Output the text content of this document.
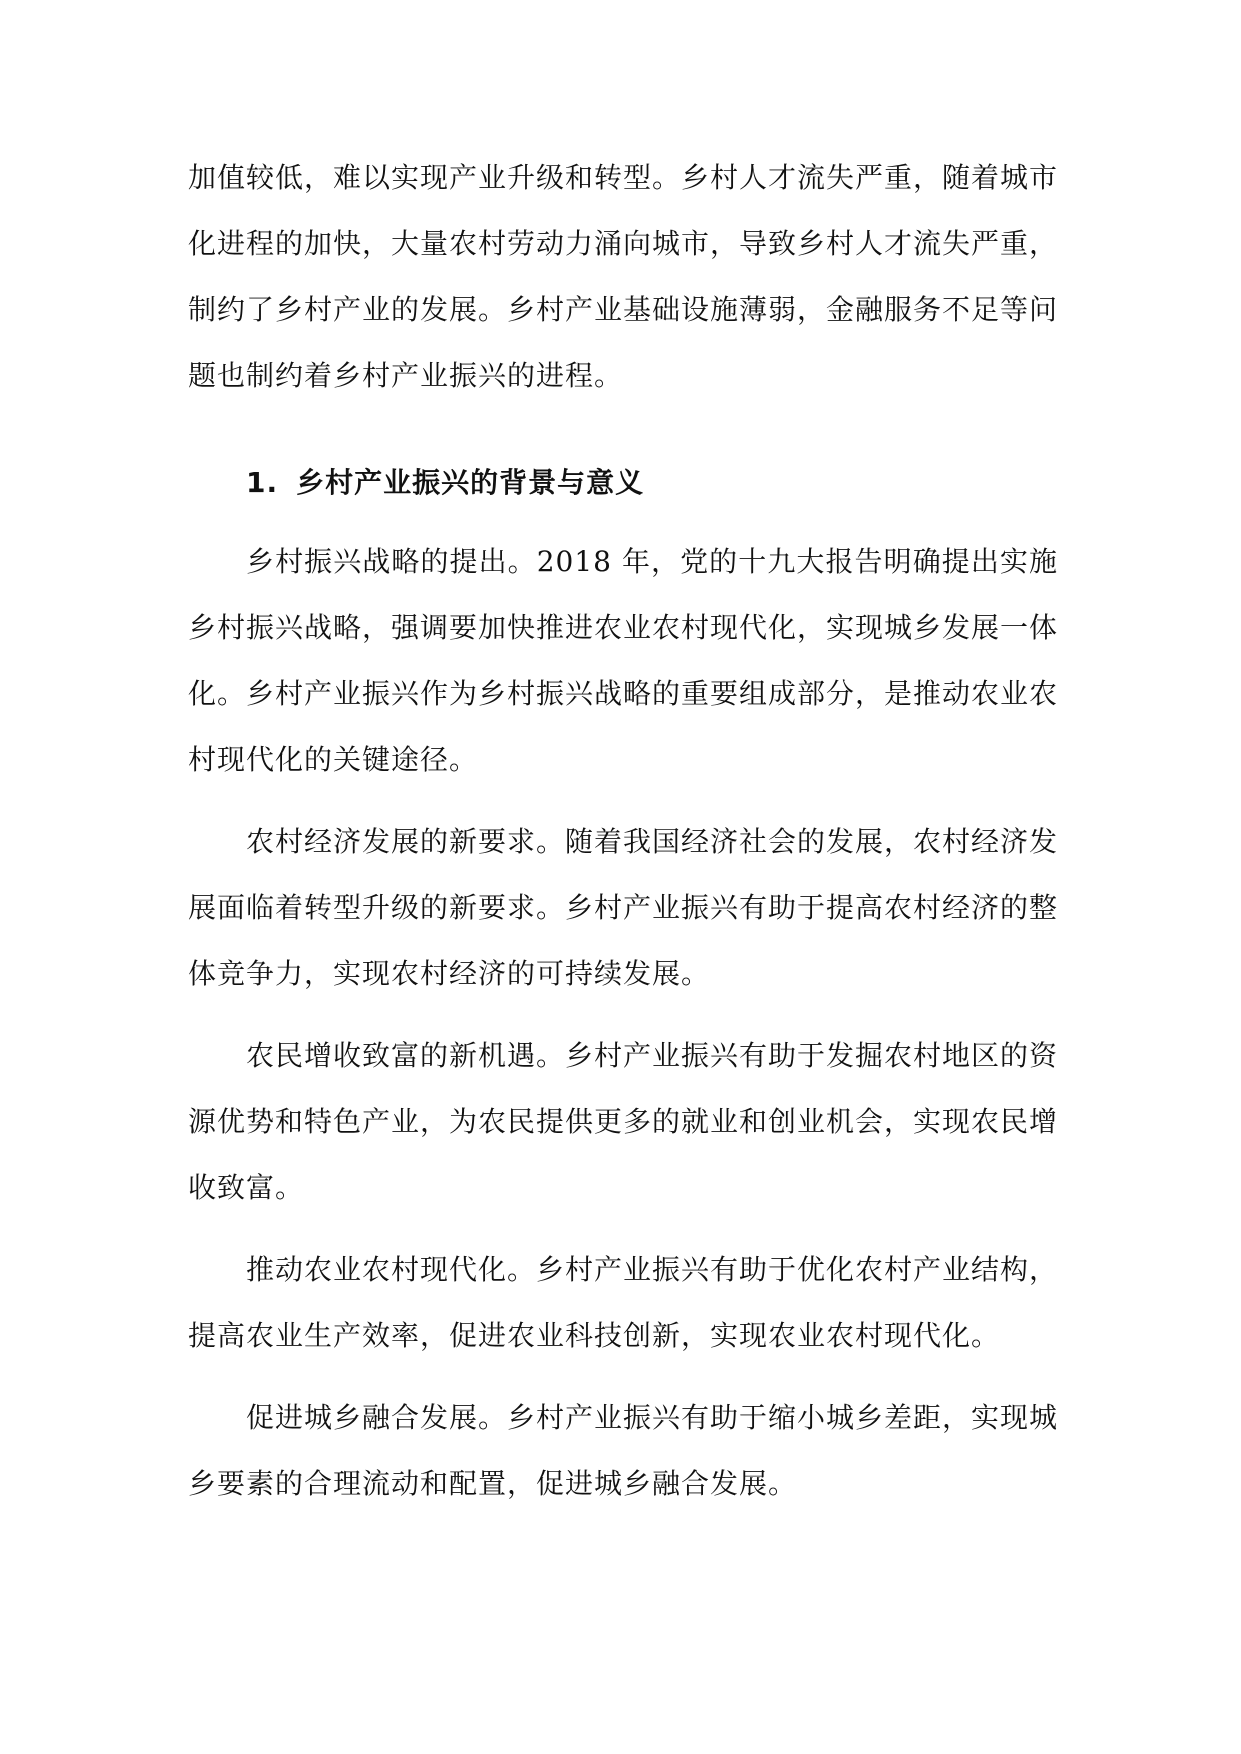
加值较低，难以实现产业升级和转型。乡村人才流失严重，随着城市化进程的加快，大量农村劳动力涌向城市，导致乡村人才流失严重，制约了乡村产业的发展。乡村产业基础设施薄弱，金融服务不足等问题也制约着乡村产业振兴的进程。

1. 乡村产业振兴的背景与意义

乡村振兴战略的提出。2018 年，党的十九大报告明确提出实施乡村振兴战略，强调要加快推进农业农村现代化，实现城乡发展一体化。乡村产业振兴作为乡村振兴战略的重要组成部分，是推动农业农村现代化的关键途径。

农村经济发展的新要求。随着我国经济社会的发展，农村经济发展面临着转型升级的新要求。乡村产业振兴有助于提高农村经济的整体竞争力，实现农村经济的可持续发展。

农民增收致富的新机遇。乡村产业振兴有助于发掘农村地区的资源优势和特色产业，为农民提供更多的就业和创业机会，实现农民增收致富。

推动农业农村现代化。乡村产业振兴有助于优化农村产业结构，提高农业生产效率，促进农业科技创新，实现农业农村现代化。

促进城乡融合发展。乡村产业振兴有助于缩小城乡差距，实现城乡要素的合理流动和配置，促进城乡融合发展。
